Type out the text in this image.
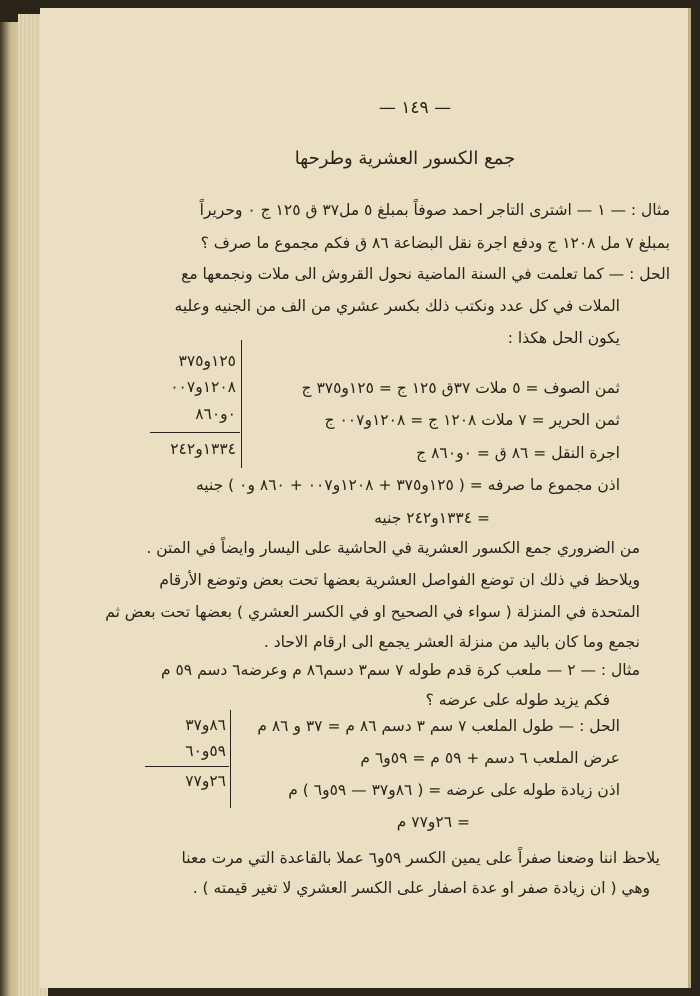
— ١٤٩ —
جمع الكسور العشرية وطرحها
مثال : — ١ — اشترى التاجر احمد صوفاً بمبلغ ٥ مل٣٧ ق ١٢٥ ج ٠ وحريراً
بمبلغ ٧ مل ١٢٠٨ ج ودفع اجرة نقل البضاعة ٨٦ ق فكم مجموع ما صرف ؟
الحل : — كما تعلمت في السنة الماضية نحول القروش الى ملات ونجمعها مع
الملات في كل عدد ونكتب ذلك بكسر عشري من الف من الجنيه وعليه
يكون الحل هكذا :
١٢٥و٣٧٥
١٢٠٨و٠٠٧
٠و٨٦٠
١٣٣٤و٢٤٢
ثمن الصوف = ٥ ملات ٣٧ق ١٢٥ ج = ١٢٥و٣٧٥ ج
ثمن الحرير = ٧ ملات ١٢٠٨ ج = ١٢٠٨و٠٠٧ ج
اجرة النقل = ٨٦ ق = ٠و٨٦٠ ج
اذن مجموع ما صرفه = ( ١٢٥و٣٧٥ + ١٢٠٨و٠٠٧ + ٨٦٠ و٠ ) جنيه
= ١٣٣٤و٢٤٢ جنيه
من الضروري جمع الكسور العشرية في الحاشية على اليسار وايضاً في المتن .
ويلاحظ في ذلك ان توضع الفواصل العشرية بعضها تحت بعض وتوضع الأرقام
المتحدة في المنزلة ( سواء في الصحيح او في الكسر العشري ) بعضها تحت بعض ثم
نجمع وما كان باليد من منزلة العشر يجمع الى ارقام الاحاد .
مثال : — ٢ — ملعب كرة قدم طوله ٧ سم٣ دسم٨٦ م وعرضه٦ دسم ٥٩ م
فكم يزيد طوله على عرضه ؟
٨٦و٣٧
٥٩و٦٠
٢٦و٧٧
الحل : — طول الملعب ٧ سم ٣ دسم ٨٦ م = ٣٧ و ٨٦ م
عرض الملعب ٦ دسم + ٥٩ م = ٥٩و٦ م
اذن زيادة طوله على عرضه = ( ٨٦و٣٧ — ٥٩و٦ ) م
= ٢٦و٧٧ م
يلاحظ اننا وضعنا صفراً على يمين الكسر ٥٩و٦ عملا بالقاعدة التي مرت معنا
وهي ( ان زيادة صفر او عدة اصفار على الكسر العشري لا تغير قيمته ) .
